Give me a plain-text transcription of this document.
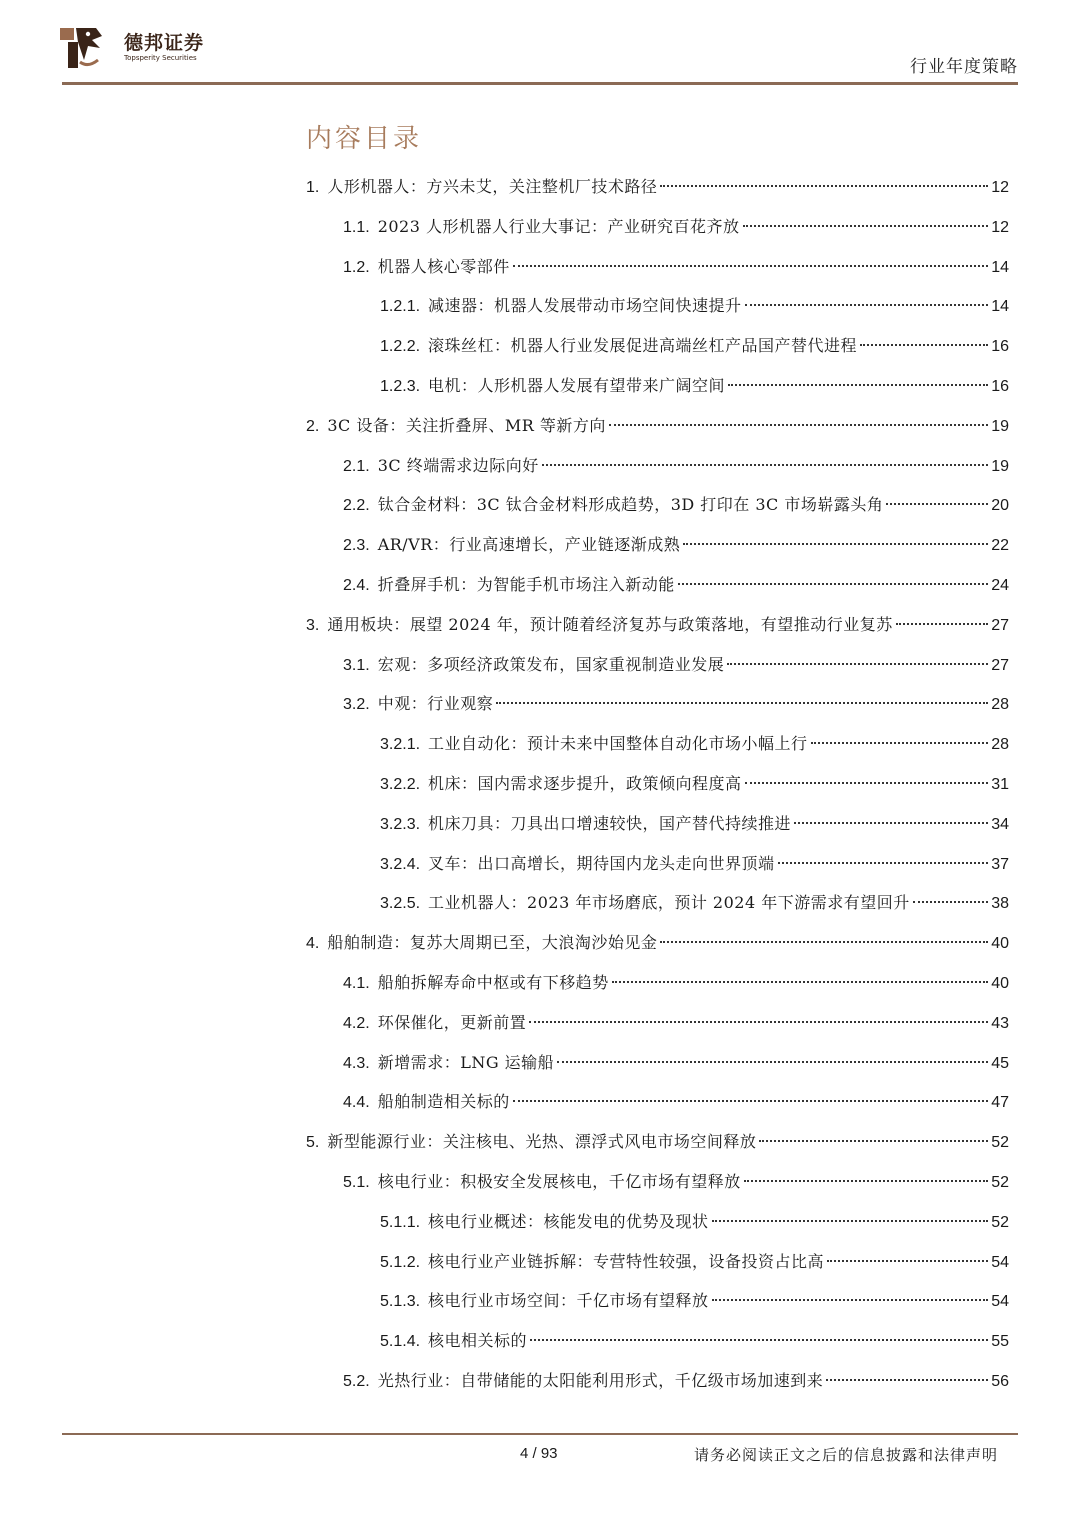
德邦证券
Topsperity Securities	行业年度策略
内容目录
1. 人形机器人：方兴未艾，关注整机厂技术路径	12
1.1. 2023 人形机器人行业大事记：产业研究百花齐放	12
1.2. 机器人核心零部件	14
1.2.1. 减速器：机器人发展带动市场空间快速提升	14
1.2.2. 滚珠丝杠：机器人行业发展促进高端丝杠产品国产替代进程	16
1.2.3. 电机：人形机器人发展有望带来广阔空间	16
2. 3C 设备：关注折叠屏、MR 等新方向	19
2.1. 3C 终端需求边际向好	19
2.2. 钛合金材料：3C 钛合金材料形成趋势，3D 打印在 3C 市场崭露头角	20
2.3. AR/VR：行业高速增长，产业链逐渐成熟	22
2.4. 折叠屏手机：为智能手机市场注入新动能	24
3. 通用板块：展望 2024 年，预计随着经济复苏与政策落地，有望推动行业复苏	27
3.1. 宏观：多项经济政策发布，国家重视制造业发展	27
3.2. 中观：行业观察	28
3.2.1. 工业自动化：预计未来中国整体自动化市场小幅上行	28
3.2.2. 机床：国内需求逐步提升，政策倾向程度高	31
3.2.3. 机床刀具：刀具出口增速较快，国产替代持续推进	34
3.2.4. 叉车：出口高增长，期待国内龙头走向世界顶端	37
3.2.5. 工业机器人：2023 年市场磨底，预计 2024 年下游需求有望回升	38
4. 船舶制造：复苏大周期已至，大浪淘沙始见金	40
4.1. 船舶拆解寿命中枢或有下移趋势	40
4.2. 环保催化，更新前置	43
4.3. 新增需求：LNG 运输船	45
4.4. 船舶制造相关标的	47
5. 新型能源行业：关注核电、光热、漂浮式风电市场空间释放	52
5.1. 核电行业：积极安全发展核电，千亿市场有望释放	52
5.1.1. 核电行业概述：核能发电的优势及现状	52
5.1.2. 核电行业产业链拆解：专营特性较强，设备投资占比高	54
5.1.3. 核电行业市场空间：千亿市场有望释放	54
5.1.4. 核电相关标的	55
5.2. 光热行业：自带储能的太阳能利用形式，千亿级市场加速到来	56
4 / 93	请务必阅读正文之后的信息披露和法律声明
